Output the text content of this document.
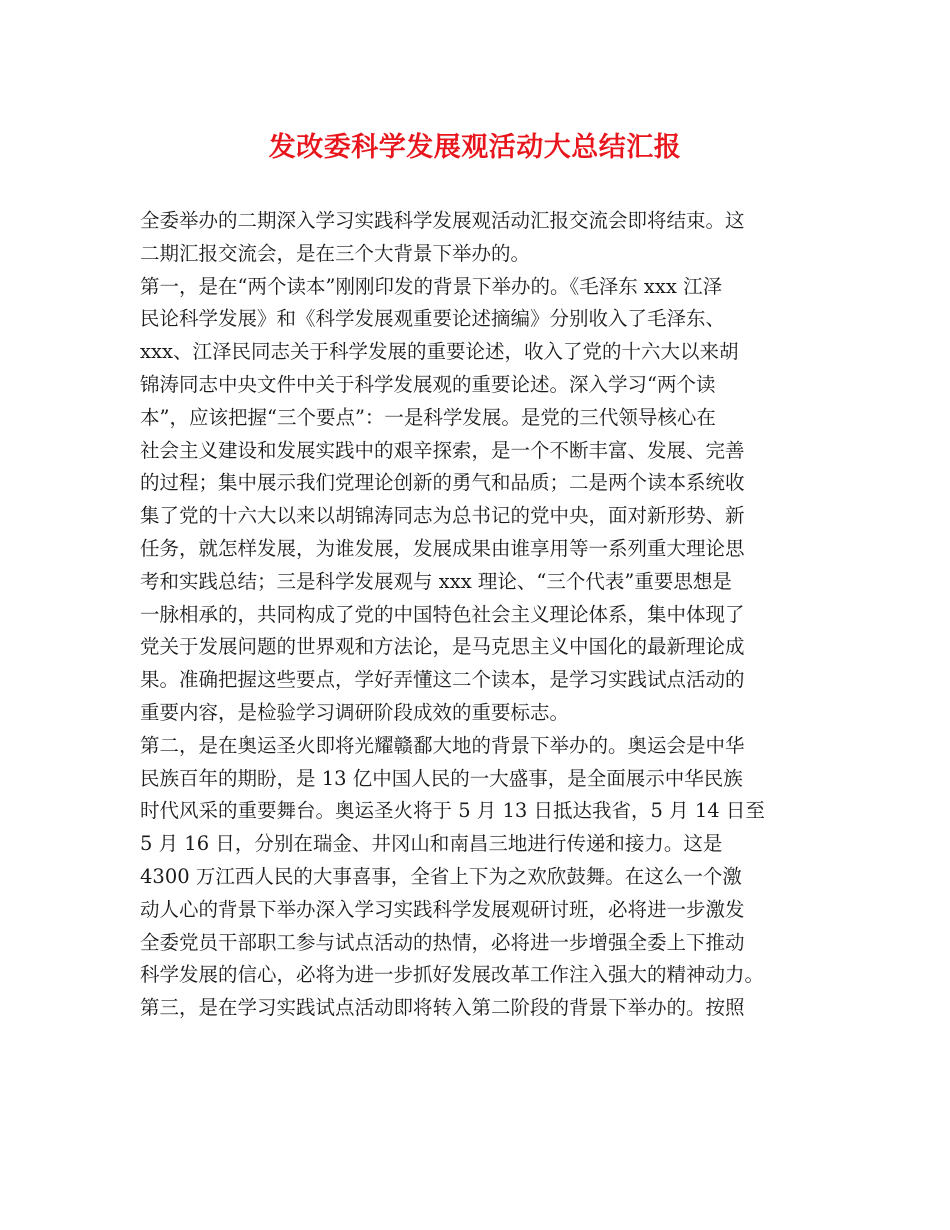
发改委科学发展观活动大总结汇报
全委举办的二期深入学习实践科学发展观活动汇报交流会即将结束。这
二期汇报交流会，是在三个大背景下举办的。
第一，是在“两个读本”刚刚印发的背景下举办的。《毛泽东 xxx 江泽
民论科学发展》和《科学发展观重要论述摘编》分别收入了毛泽东、
xxx、江泽民同志关于科学发展的重要论述，收入了党的十六大以来胡
锦涛同志中央文件中关于科学发展观的重要论述。深入学习“两个读
本”，应该把握“三个要点”：一是科学发展。是党的三代领导核心在
社会主义建设和发展实践中的艰辛探索，是一个不断丰富、发展、完善
的过程；集中展示我们党理论创新的勇气和品质；二是两个读本系统收
集了党的十六大以来以胡锦涛同志为总书记的党中央，面对新形势、新
任务，就怎样发展，为谁发展，发展成果由谁享用等一系列重大理论思
考和实践总结；三是科学发展观与 xxx 理论、“三个代表”重要思想是
一脉相承的，共同构成了党的中国特色社会主义理论体系，集中体现了
党关于发展问题的世界观和方法论，是马克思主义中国化的最新理论成
果。准确把握这些要点，学好弄懂这二个读本，是学习实践试点活动的
重要内容，是检验学习调研阶段成效的重要标志。
第二，是在奥运圣火即将光耀赣鄱大地的背景下举办的。奥运会是中华
民族百年的期盼，是 13 亿中国人民的一大盛事，是全面展示中华民族
时代风采的重要舞台。奥运圣火将于 5 月 13 日抵达我省，5 月 14 日至
5 月 16 日，分别在瑞金、井冈山和南昌三地进行传递和接力。这是
4300 万江西人民的大事喜事，全省上下为之欢欣鼓舞。在这么一个激
动人心的背景下举办深入学习实践科学发展观研讨班，必将进一步激发
全委党员干部职工参与试点活动的热情，必将进一步增强全委上下推动
科学发展的信心，必将为进一步抓好发展改革工作注入强大的精神动力。
第三，是在学习实践试点活动即将转入第二阶段的背景下举办的。按照
